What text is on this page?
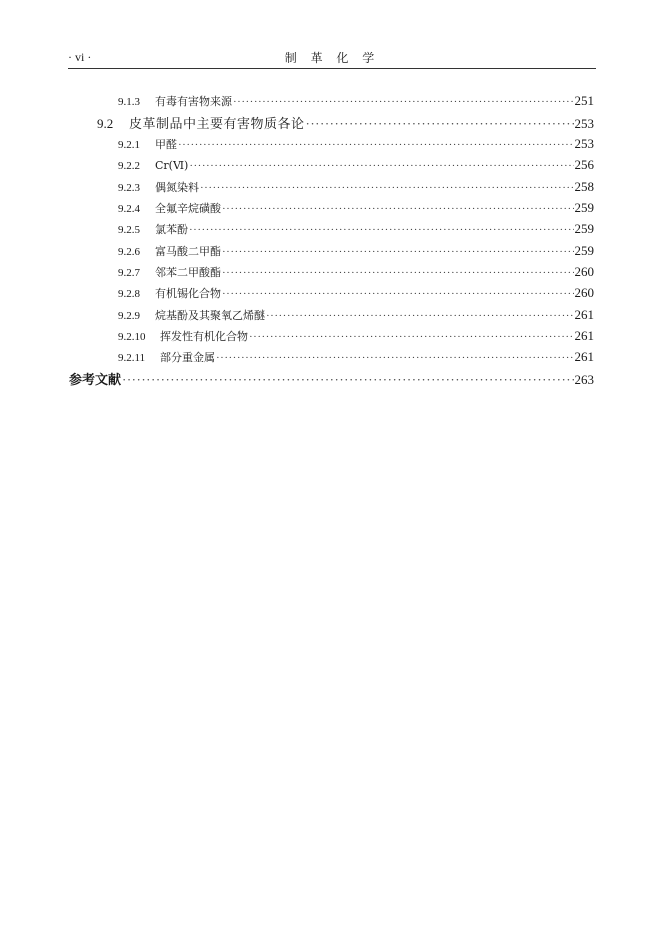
· vi ·	制 革 化 学
9.1.3	有毒有害物来源 ·····	251
9.2	皮革制品中主要有害物质各论 ·····	253
9.2.1	甲醛 ·····	253
9.2.2	Cr(Ⅵ) ·····	256
9.2.3	偶氮染料 ·····	258
9.2.4	全氟辛烷磺酸 ·····	259
9.2.5	氯苯酚 ·····	259
9.2.6	富马酸二甲酯 ·····	259
9.2.7	邻苯二甲酸酯 ·····	260
9.2.8	有机锡化合物 ·····	260
9.2.9	烷基酚及其聚氧乙烯醚 ·····	261
9.2.10	挥发性有机化合物 ·····	261
9.2.11	部分重金属 ·····	261
参考文献 ·····	263
